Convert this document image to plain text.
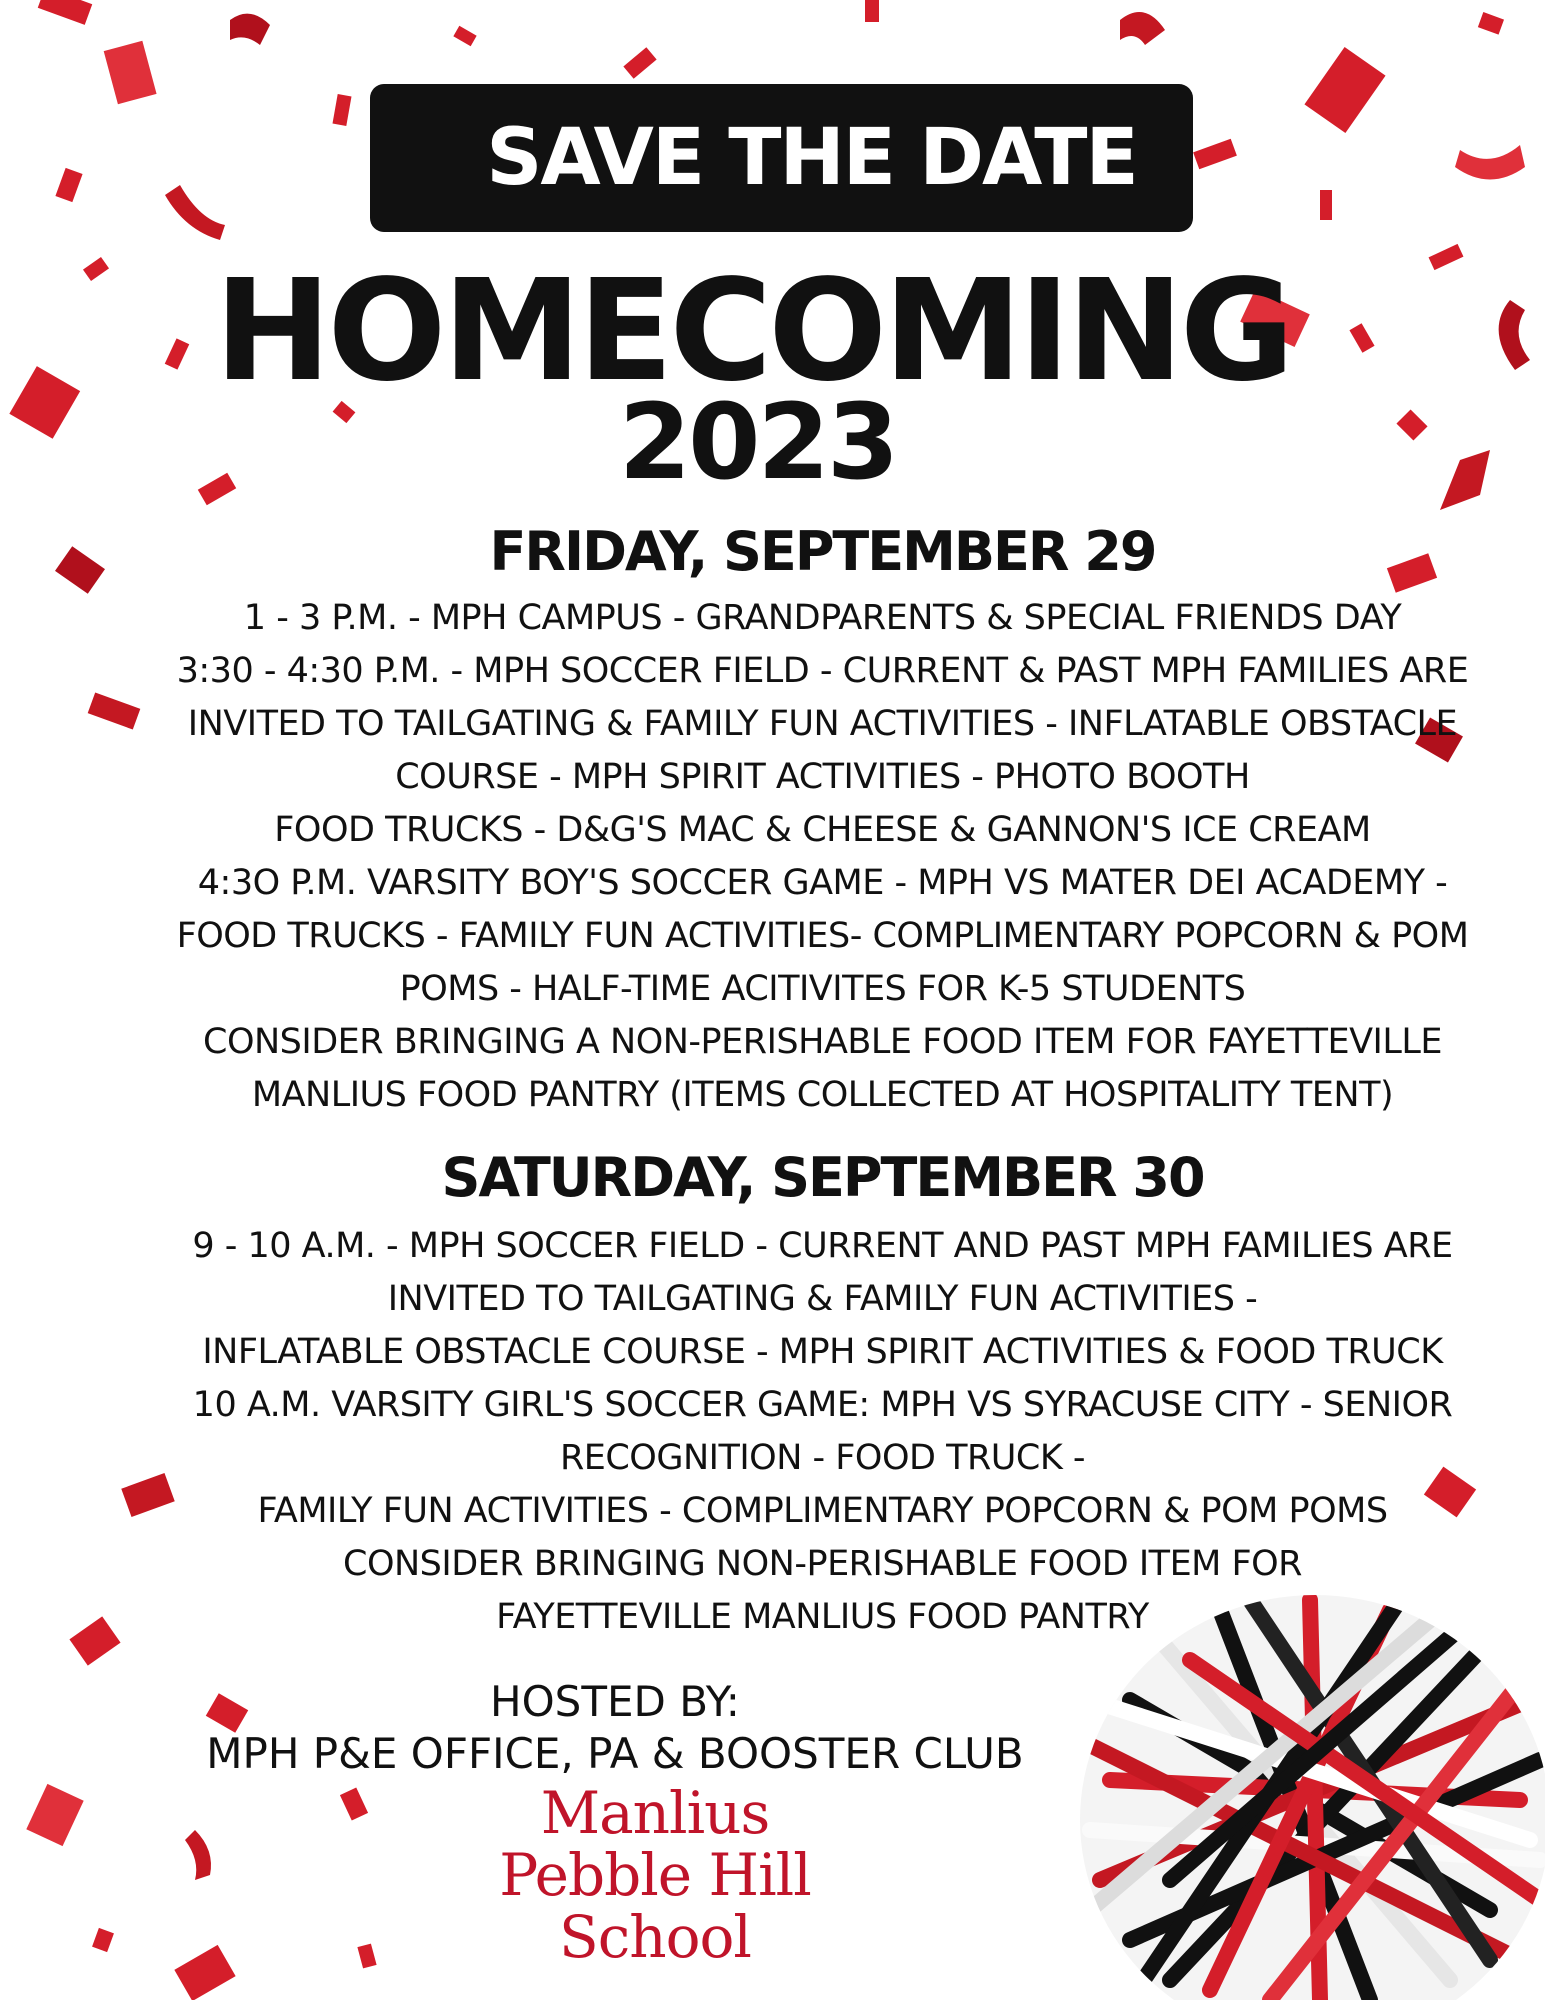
SAVE THE DATE
HOMECOMING
2023
FRIDAY, SEPTEMBER 29
1 - 3 P.M. - MPH CAMPUS - GRANDPARENTS & SPECIAL FRIENDS DAY
3:30 - 4:30 P.M. - MPH SOCCER FIELD - CURRENT & PAST MPH FAMILIES ARE
INVITED TO TAILGATING & FAMILY FUN ACTIVITIES - INFLATABLE OBSTACLE
COURSE - MPH SPIRIT ACTIVITIES - PHOTO BOOTH
FOOD TRUCKS - D&G'S MAC & CHEESE & GANNON'S ICE CREAM
4:3O P.M. VARSITY BOY'S SOCCER GAME - MPH VS MATER DEI ACADEMY -
FOOD TRUCKS - FAMILY FUN ACTIVITIES- COMPLIMENTARY POPCORN & POM
POMS - HALF-TIME ACITIVITES FOR K-5 STUDENTS
CONSIDER BRINGING A NON-PERISHABLE FOOD ITEM FOR FAYETTEVILLE
MANLIUS FOOD PANTRY (ITEMS COLLECTED AT HOSPITALITY TENT)
SATURDAY, SEPTEMBER 30
9 - 10 A.M. - MPH SOCCER FIELD - CURRENT AND PAST MPH FAMILIES ARE
INVITED TO TAILGATING & FAMILY FUN ACTIVITIES -
INFLATABLE OBSTACLE COURSE - MPH SPIRIT ACTIVITIES & FOOD TRUCK
10 A.M. VARSITY GIRL'S SOCCER GAME: MPH VS SYRACUSE CITY - SENIOR
RECOGNITION - FOOD TRUCK -
FAMILY FUN ACTIVITIES - COMPLIMENTARY POPCORN & POM POMS
CONSIDER BRINGING NON-PERISHABLE FOOD ITEM FOR
FAYETTEVILLE MANLIUS FOOD PANTRY
HOSTED BY:
MPH P&E OFFICE, PA & BOOSTER CLUB
Manlius
Pebble Hill
School
